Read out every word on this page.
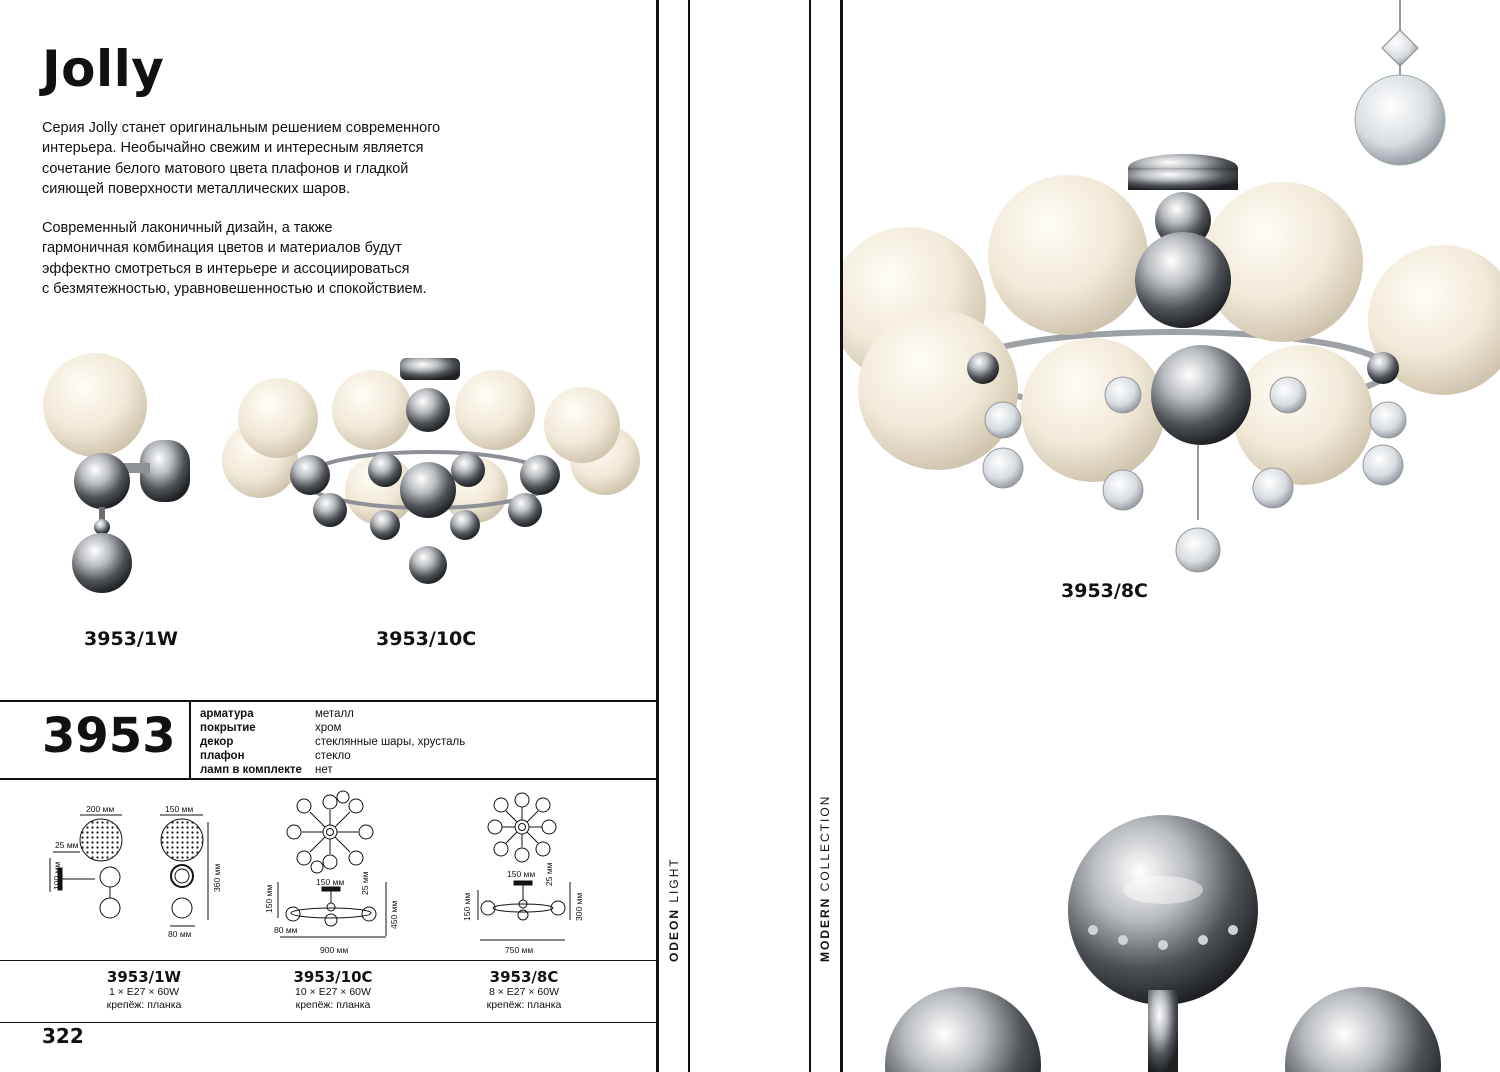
Jolly
Серия Jolly станет оригинальным решением современного
интерьера. Необычайно свежим и интересным является
сочетание белого матового цвета плафонов и гладкой
сияющей поверхности металлических шаров.
Современный лаконичный дизайн, а также
гармоничная комбинация цветов и материалов будут
эффектно смотреться в интерьере и ассоциироваться
с безмятежностью, уравновешенностью и спокойствием.
3953/1W	3953/10C
3953 арматура	металл
покрытие	хром
декор	стеклянные шары, хрусталь
плафон	стекло
ламп в комплекте	нет
200 мм
25 мм
100 мм
150 мм
360 мм
80 мм
150 мм 25 мм
150 мм
450 мм
80 мм
900 мм
150 мм 25 мм
150 мм	300 мм
750 мм
3953/1W
1 × E27 × 60W
крепёж: планка
3953/10C
10 × E27 × 60W
крепёж: планка
3953/8C
8 × E27 × 60W
крепёж: планка
322
ODEON LIGHT
MODERN COLLECTION
3953/8C
